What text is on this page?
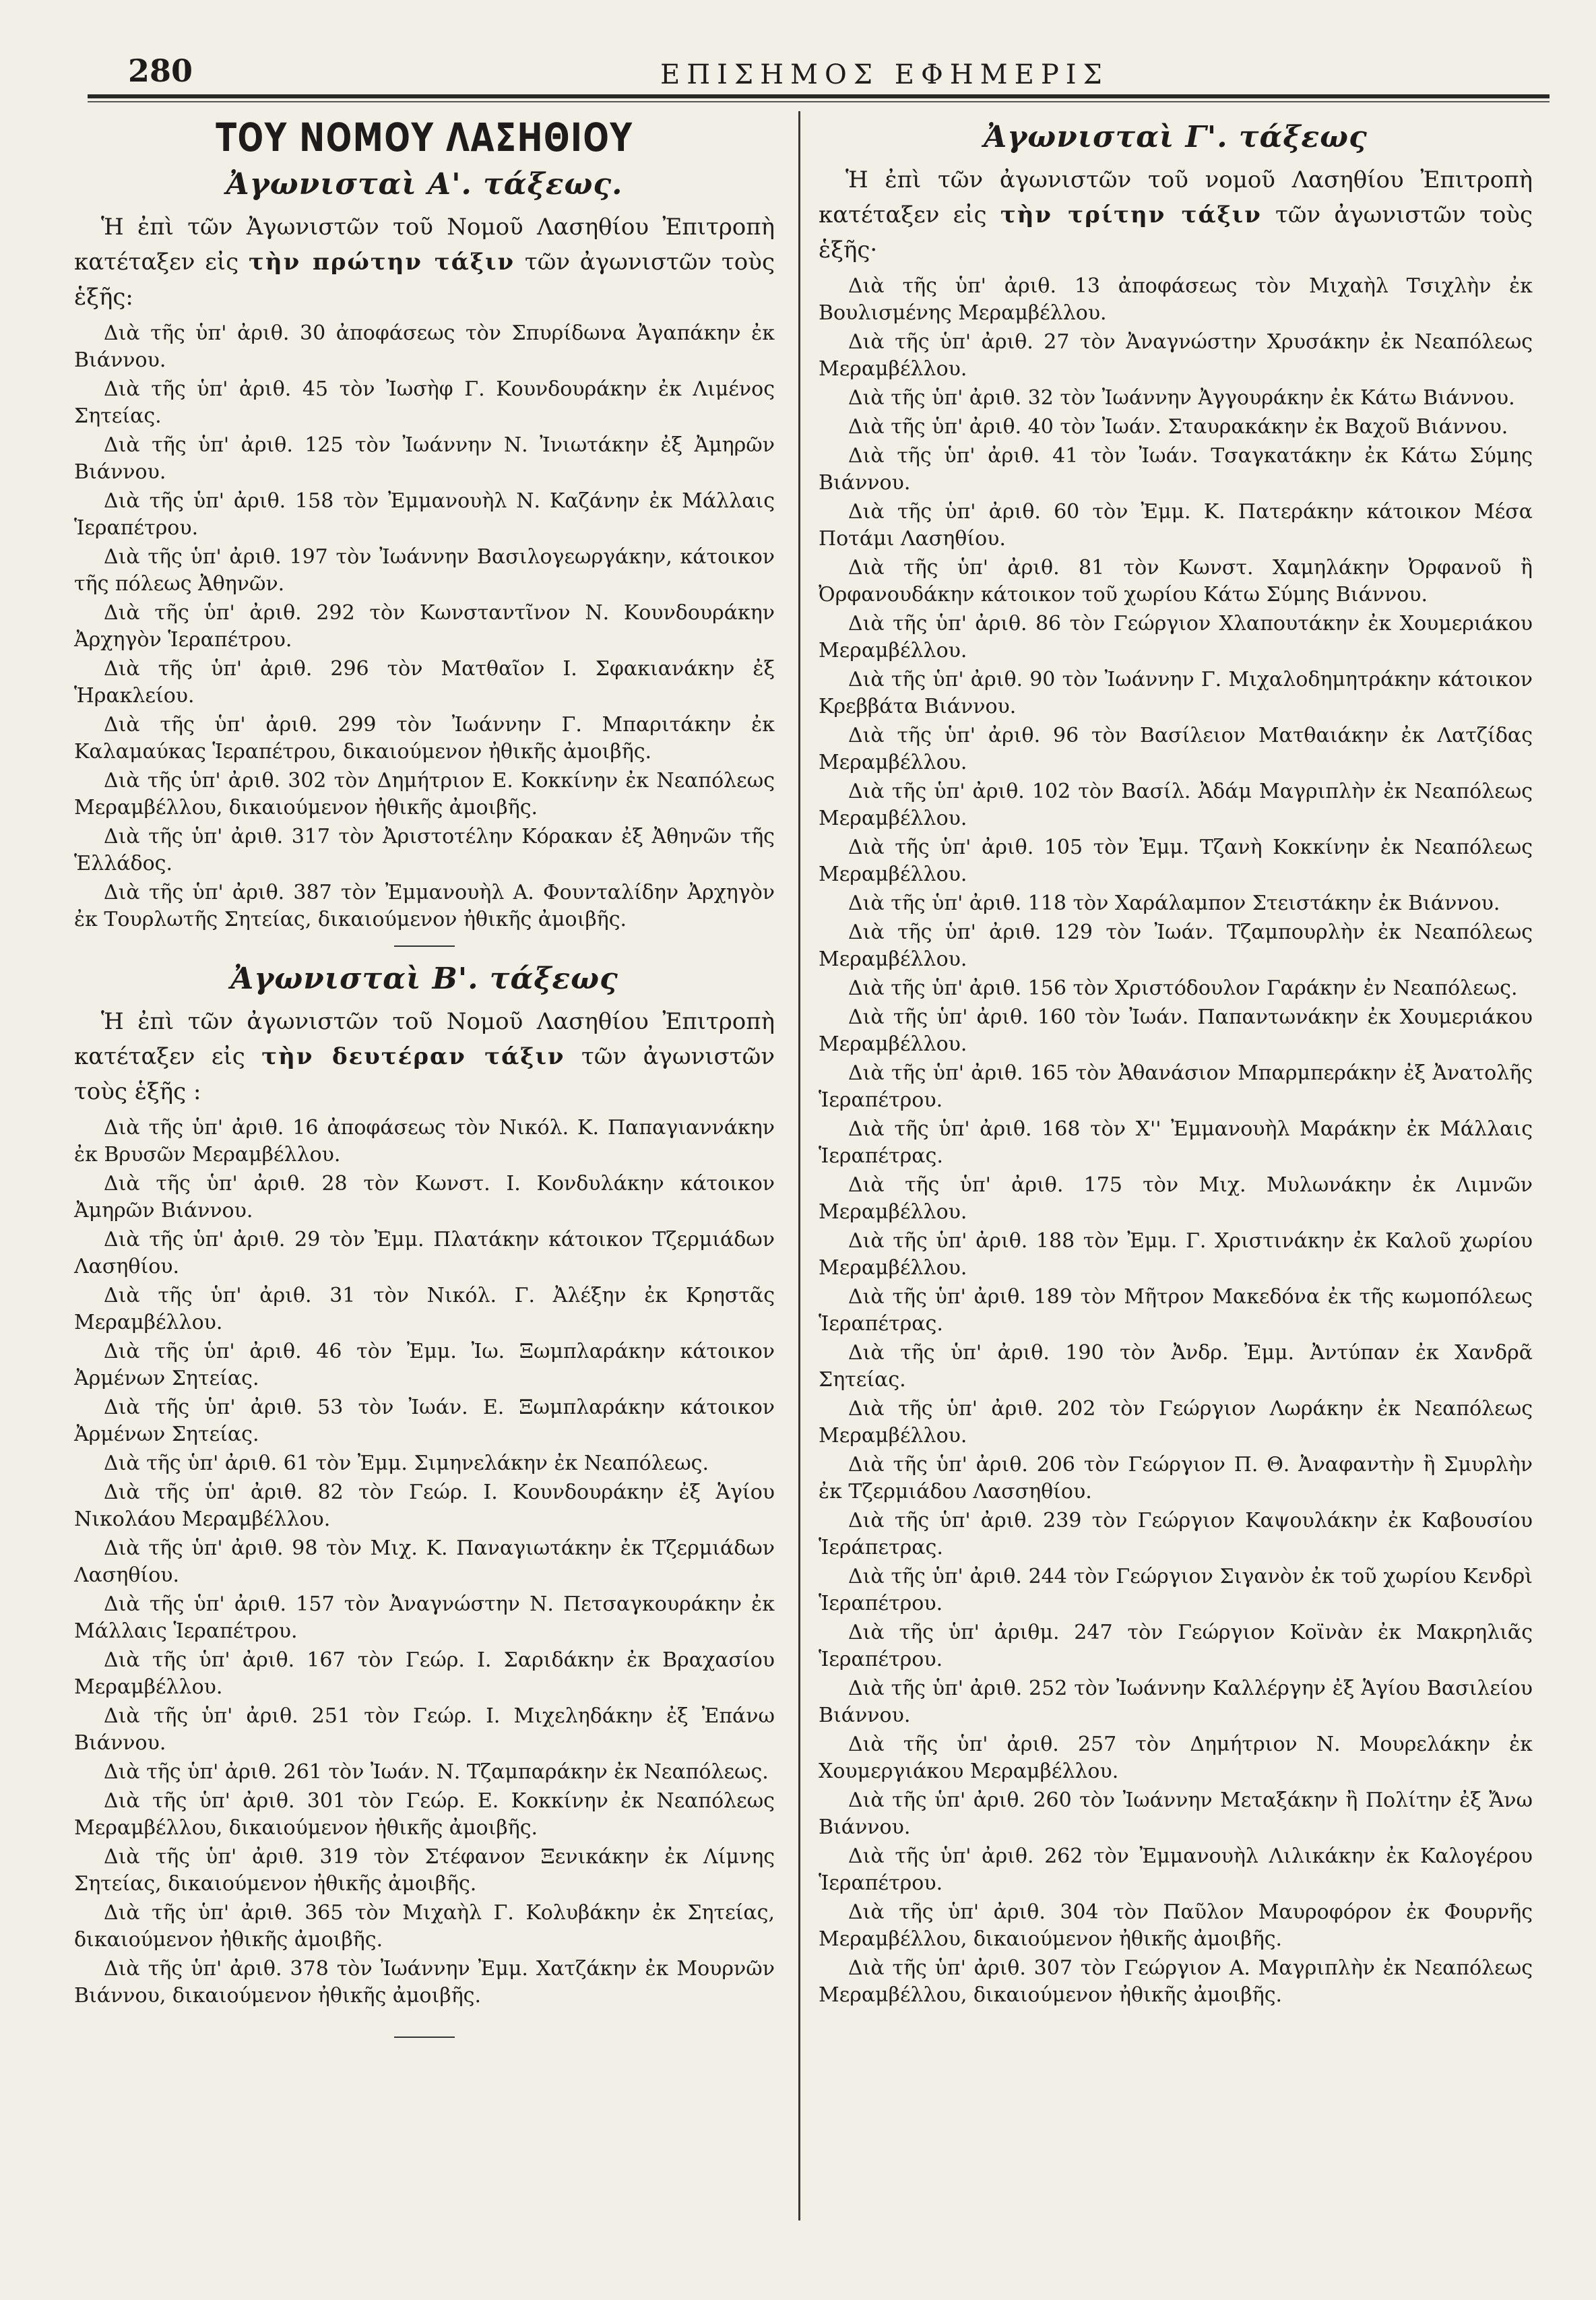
280	ΕΠΙΣΗΜΟΣ ΕΦΗΜΕΡΙΣ
ΤΟΥ ΝΟΜΟΥ ΛΑΣΗΘΙΟΥ
Ἀγωνισταὶ Α'. τάξεως.

Ἡ ἐπὶ τῶν Ἀγωνιστῶν τοῦ Νομοῦ Λασηθίου Ἐπιτροπὴ κατέταξεν εἰς τὴν πρώτην τάξιν τῶν ἀγωνιστῶν τοὺς ἑξῆς:

Διὰ τῆς ὑπ' ἀριθ. 30 ἀποφάσεως τὸν Σπυρίδωνα Ἀγαπάκην ἐκ Βιάννου.
Διὰ τῆς ὑπ' ἀριθ. 45 τὸν Ἰωσὴφ Γ. Κουνδουράκην ἐκ Λιμένος Σητείας.
Διὰ τῆς ὑπ' ἀριθ. 125 τὸν Ἰωάννην Ν. Ἰνιωτάκην ἐξ Ἀμηρῶν Βιάννου.
Διὰ τῆς ὑπ' ἀριθ. 158 τὸν Ἐμμανουὴλ Ν. Καζάνην ἐκ Μάλλαις Ἱεραπέτρου.
Διὰ τῆς ὑπ' ἀριθ. 197 τὸν Ἰωάννην Βασιλογεωργάκην, κάτοικον τῆς πόλεως Ἀθηνῶν.
Διὰ τῆς ὑπ' ἀριθ. 292 τὸν Κωνσταντῖνον Ν. Κουνδουράκην Ἀρχηγὸν Ἱεραπέτρου.
Διὰ τῆς ὑπ' ἀριθ. 296 τὸν Ματθαῖον Ι. Σφακιανάκην ἐξ Ἡρακλείου.
Διὰ τῆς ὑπ' ἀριθ. 299 τὸν Ἰωάννην Γ. Μπαριτάκην ἐκ Καλαμαύκας Ἱεραπέτρου, δικαιούμενον ἠθικῆς ἀμοιβῆς.
Διὰ τῆς ὑπ' ἀριθ. 302 τὸν Δημήτριον Ε. Κοκκίνην ἐκ Νεαπόλεως Μεραμβέλλου, δικαιούμενον ἠθικῆς ἀμοιβῆς.
Διὰ τῆς ὑπ' ἀριθ. 317 τὸν Ἀριστοτέλην Κόρακαν ἐξ Ἀθηνῶν τῆς Ἑλλάδος.
Διὰ τῆς ὑπ' ἀριθ. 387 τὸν Ἐμμανουὴλ Α. Φουνταλίδην Ἀρχηγὸν ἐκ Τουρλωτῆς Σητείας, δικαιούμενον ἠθικῆς ἀμοιβῆς.
Ἀγωνισταὶ Β'. τάξεως

Ἡ ἐπὶ τῶν ἀγωνιστῶν τοῦ Νομοῦ Λασηθίου Ἐπιτροπὴ κατέταξεν εἰς τὴν δευτέραν τάξιν τῶν ἀγωνιστῶν τοὺς ἑξῆς :

Διὰ τῆς ὑπ' ἀριθ. 16 ἀποφάσεως τὸν Νικόλ. Κ. Παπαγιαννάκην ἐκ Βρυσῶν Μεραμβέλλου.
Διὰ τῆς ὑπ' ἀριθ. 28 τὸν Κωνστ. Ι. Κονδυλάκην κάτοικον Ἀμηρῶν Βιάννου.
Διὰ τῆς ὑπ' ἀριθ. 29 τὸν Ἐμμ. Πλατάκην κάτοικον Τζερμιάδων Λασηθίου.
Διὰ τῆς ὑπ' ἀριθ. 31 τὸν Νικόλ. Γ. Ἀλέξην ἐκ Κρηστᾶς Μεραμβέλλου.
Διὰ τῆς ὑπ' ἀριθ. 46 τὸν Ἐμμ. Ἰω. Ξωμπλαράκην κάτοικον Ἀρμένων Σητείας.
Διὰ τῆς ὑπ' ἀριθ. 53 τὸν Ἰωάν. Ε. Ξωμπλαράκην κάτοικον Ἀρμένων Σητείας.
Διὰ τῆς ὑπ' ἀριθ. 61 τὸν Ἐμμ. Σιμηνελάκην ἐκ Νεαπόλεως.
Διὰ τῆς ὑπ' ἀριθ. 82 τὸν Γεώρ. Ι. Κουνδουράκην ἐξ Ἁγίου Νικολάου Μεραμβέλλου.
Διὰ τῆς ὑπ' ἀριθ. 98 τὸν Μιχ. Κ. Παναγιωτάκην ἐκ Τζερμιάδων Λασηθίου.
Διὰ τῆς ὑπ' ἀριθ. 157 τὸν Ἀναγνώστην Ν. Πετσαγκουράκην ἐκ Μάλλαις Ἱεραπέτρου.
Διὰ τῆς ὑπ' ἀριθ. 167 τὸν Γεώρ. Ι. Σαριδάκην ἐκ Βραχασίου Μεραμβέλλου.
Διὰ τῆς ὑπ' ἀριθ. 251 τὸν Γεώρ. Ι. Μιχεληδάκην ἐξ Ἐπάνω Βιάννου.
Διὰ τῆς ὑπ' ἀριθ. 261 τὸν Ἰωάν. Ν. Τζαμπαράκην ἐκ Νεαπόλεως.
Διὰ τῆς ὑπ' ἀριθ. 301 τὸν Γεώρ. Ε. Κοκκίνην ἐκ Νεαπόλεως Μεραμβέλλου, δικαιούμενον ἠθικῆς ἀμοιβῆς.
Διὰ τῆς ὑπ' ἀριθ. 319 τὸν Στέφανον Ξενικάκην ἐκ Λίμνης Σητείας, δικαιούμενον ἠθικῆς ἀμοιβῆς.
Διὰ τῆς ὑπ' ἀριθ. 365 τὸν Μιχαὴλ Γ. Κολυβάκην ἐκ Σητείας, δικαιούμενον ἠθικῆς ἀμοιβῆς.
Διὰ τῆς ὑπ' ἀριθ. 378 τὸν Ἰωάννην Ἐμμ. Χατζάκην ἐκ Μουρνῶν Βιάννου, δικαιούμενον ἠθικῆς ἀμοιβῆς.
Ἀγωνισταὶ Γ'. τάξεως

Ἡ ἐπὶ τῶν ἀγωνιστῶν τοῦ νομοῦ Λασηθίου Ἐπιτροπὴ κατέταξεν εἰς τὴν τρίτην τάξιν τῶν ἀγωνιστῶν τοὺς ἑξῆς·

Διὰ τῆς ὑπ' ἀριθ. 13 ἀποφάσεως τὸν Μιχαὴλ Τσιχλὴν ἐκ Βουλισμένης Μεραμβέλλου.
Διὰ τῆς ὑπ' ἀριθ. 27 τὸν Ἀναγνώστην Χρυσάκην ἐκ Νεαπόλεως Μεραμβέλλου.
Διὰ τῆς ὑπ' ἀριθ. 32 τὸν Ἰωάννην Ἀγγουράκην ἐκ Κάτω Βιάννου.
Διὰ τῆς ὑπ' ἀριθ. 40 τὸν Ἰωάν. Σταυρακάκην ἐκ Βαχοῦ Βιάννου.
Διὰ τῆς ὑπ' ἀριθ. 41 τὸν Ἰωάν. Τσαγκατάκην ἐκ Κάτω Σύμης Βιάννου.
Διὰ τῆς ὑπ' ἀριθ. 60 τὸν Ἐμμ. Κ. Πατεράκην κάτοικον Μέσα Ποτάμι Λασηθίου.
Διὰ τῆς ὑπ' ἀριθ. 81 τὸν Κωνστ. Χαμηλάκην Ὀρφανοῦ ἢ Ὀρφανουδάκην κάτοικον τοῦ χωρίου Κάτω Σύμης Βιάννου.
Διὰ τῆς ὑπ' ἀριθ. 86 τὸν Γεώργιον Χλαπουτάκην ἐκ Χουμεριάκου Μεραμβέλλου.
Διὰ τῆς ὑπ' ἀριθ. 90 τὸν Ἰωάννην Γ. Μιχαλοδημητράκην κάτοικον Κρεββάτα Βιάννου.
Διὰ τῆς ὑπ' ἀριθ. 96 τὸν Βασίλειον Ματθαιάκην ἐκ Λατζίδας Μεραμβέλλου.
Διὰ τῆς ὑπ' ἀριθ. 102 τὸν Βασίλ. Ἀδάμ Μαγριπλὴν ἐκ Νεαπόλεως Μεραμβέλλου.
Διὰ τῆς ὑπ' ἀριθ. 105 τὸν Ἐμμ. Τζανὴ Κοκκίνην ἐκ Νεαπόλεως Μεραμβέλλου.
Διὰ τῆς ὑπ' ἀριθ. 118 τὸν Χαράλαμπον Στειστάκην ἐκ Βιάννου.
Διὰ τῆς ὑπ' ἀριθ. 129 τὸν Ἰωάν. Τζαμπουρλὴν ἐκ Νεαπόλεως Μεραμβέλλου.
Διὰ τῆς ὑπ' ἀριθ. 156 τὸν Χριστόδουλον Γαράκην ἐν Νεαπόλεως.
Διὰ τῆς ὑπ' ἀριθ. 160 τὸν Ἰωάν. Παπαντωνάκην ἐκ Χουμεριάκου Μεραμβέλλου.
Διὰ τῆς ὑπ' ἀριθ. 165 τὸν Ἀθανάσιον Μπαρμπεράκην ἐξ Ἀνατολῆς Ἱεραπέτρου.
Διὰ τῆς ὑπ' ἀριθ. 168 τὸν Χ'' Ἐμμανουὴλ Μαράκην ἐκ Μάλλαις Ἱεραπέτρας.
Διὰ τῆς ὑπ' ἀριθ. 175 τὸν Μιχ. Μυλωνάκην ἐκ Λιμνῶν Μεραμβέλλου.
Διὰ τῆς ὑπ' ἀριθ. 188 τὸν Ἐμμ. Γ. Χριστινάκην ἐκ Καλοῦ χωρίου Μεραμβέλλου.
Διὰ τῆς ὑπ' ἀριθ. 189 τὸν Μῆτρον Μακεδόνα ἐκ τῆς κωμοπόλεως Ἱεραπέτρας.
Διὰ τῆς ὑπ' ἀριθ. 190 τὸν Ἀνδρ. Ἐμμ. Ἀντύπαν ἐκ Χανδρᾶ Σητείας.
Διὰ τῆς ὑπ' ἀριθ. 202 τὸν Γεώργιον Λωράκην ἐκ Νεαπόλεως Μεραμβέλλου.
Διὰ τῆς ὑπ' ἀριθ. 206 τὸν Γεώργιον Π. Θ. Ἀναφαντὴν ἢ Σμυρλὴν ἐκ Τζερμιάδου Λασσηθίου.
Διὰ τῆς ὑπ' ἀριθ. 239 τὸν Γεώργιον Καψουλάκην ἐκ Καβουσίου Ἱεράπετρας.
Διὰ τῆς ὑπ' ἀριθ. 244 τὸν Γεώργιον Σιγανὸν ἐκ τοῦ χωρίου Κενδρὶ Ἱεραπέτρου.
Διὰ τῆς ὑπ' ἀριθμ. 247 τὸν Γεώργιον Κοϊνὰν ἐκ Μακρηλιᾶς Ἱεραπέτρου.
Διὰ τῆς ὑπ' ἀριθ. 252 τὸν Ἰωάννην Καλλέργην ἐξ Ἁγίου Βασιλείου Βιάννου.
Διὰ τῆς ὑπ' ἀριθ. 257 τὸν Δημήτριον Ν. Μουρελάκην ἐκ Χουμεργιάκου Μεραμβέλλου.
Διὰ τῆς ὑπ' ἀριθ. 260 τὸν Ἰωάννην Μεταξάκην ἢ Πολίτην ἐξ Ἄνω Βιάννου.
Διὰ τῆς ὑπ' ἀριθ. 262 τὸν Ἐμμανουὴλ Λιλικάκην ἐκ Καλογέρου Ἱεραπέτρου.
Διὰ τῆς ὑπ' ἀριθ. 304 τὸν Παῦλον Μαυροφόρον ἐκ Φουρνῆς Μεραμβέλλου, δικαιούμενον ἠθικῆς ἀμοιβῆς.
Διὰ τῆς ὑπ' ἀριθ. 307 τὸν Γεώργιον Α. Μαγριπλὴν ἐκ Νεαπόλεως Μεραμβέλλου, δικαιούμενον ἠθικῆς ἀμοιβῆς.
